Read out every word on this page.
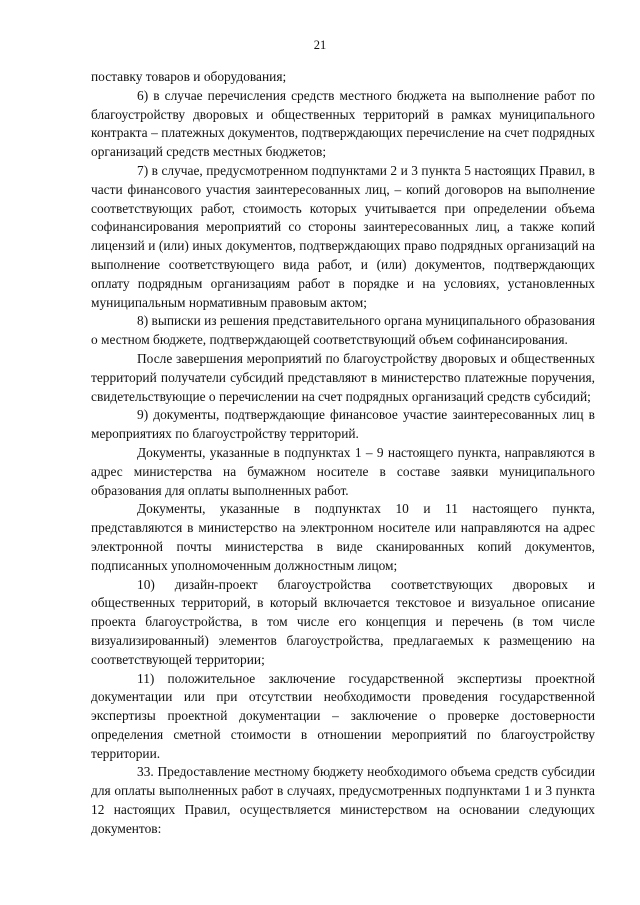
21

поставку товаров и оборудования;

6) в случае перечисления средств местного бюджета на выполнение работ по благоустройству дворовых и общественных территорий в рамках муниципального контракта – платежных документов, подтверждающих перечисление на счет подрядных организаций средств местных бюджетов;

7) в случае, предусмотренном подпунктами 2 и 3 пункта 5 настоящих Правил, в части финансового участия заинтересованных лиц, – копий договоров на выполнение соответствующих работ, стоимость которых учитывается при определении объема софинансирования мероприятий со стороны заинтересованных лиц, а также копий лицензий и (или) иных документов, подтверждающих право подрядных организаций на выполнение соответствующего вида работ, и (или) документов, подтверждающих оплату подрядным организациям работ в порядке и на условиях, установленных муниципальным нормативным правовым актом;

8) выписки из решения представительного органа муниципального образования о местном бюджете, подтверждающей соответствующий объем софинансирования.

После завершения мероприятий по благоустройству дворовых и общественных территорий получатели субсидий представляют в министерство платежные поручения, свидетельствующие о перечислении на счет подрядных организаций средств субсидий;

9) документы, подтверждающие финансовое участие заинтересованных лиц в мероприятиях по благоустройству территорий.

Документы, указанные в подпунктах 1 – 9 настоящего пункта, направляются в адрес министерства на бумажном носителе в составе заявки муниципального образования для оплаты выполненных работ.

Документы, указанные в подпунктах 10 и 11 настоящего пункта, представляются в министерство на электронном носителе или направляются на адрес электронной почты министерства в виде сканированных копий документов, подписанных уполномоченным должностным лицом;

10) дизайн-проект благоустройства соответствующих дворовых и общественных территорий, в который включается текстовое и визуальное описание проекта благоустройства, в том числе его концепция и перечень (в том числе визуализированный) элементов благоустройства, предлагаемых к размещению на соответствующей территории;

11) положительное заключение государственной экспертизы проектной документации или при отсутствии необходимости проведения государственной экспертизы проектной документации – заключение о проверке достоверности определения сметной стоимости в отношении мероприятий по благоустройству территории.

33. Предоставление местному бюджету необходимого объема средств субсидии для оплаты выполненных работ в случаях, предусмотренных подпунктами 1 и 3 пункта 12 настоящих Правил, осуществляется министерством на основании следующих документов:
